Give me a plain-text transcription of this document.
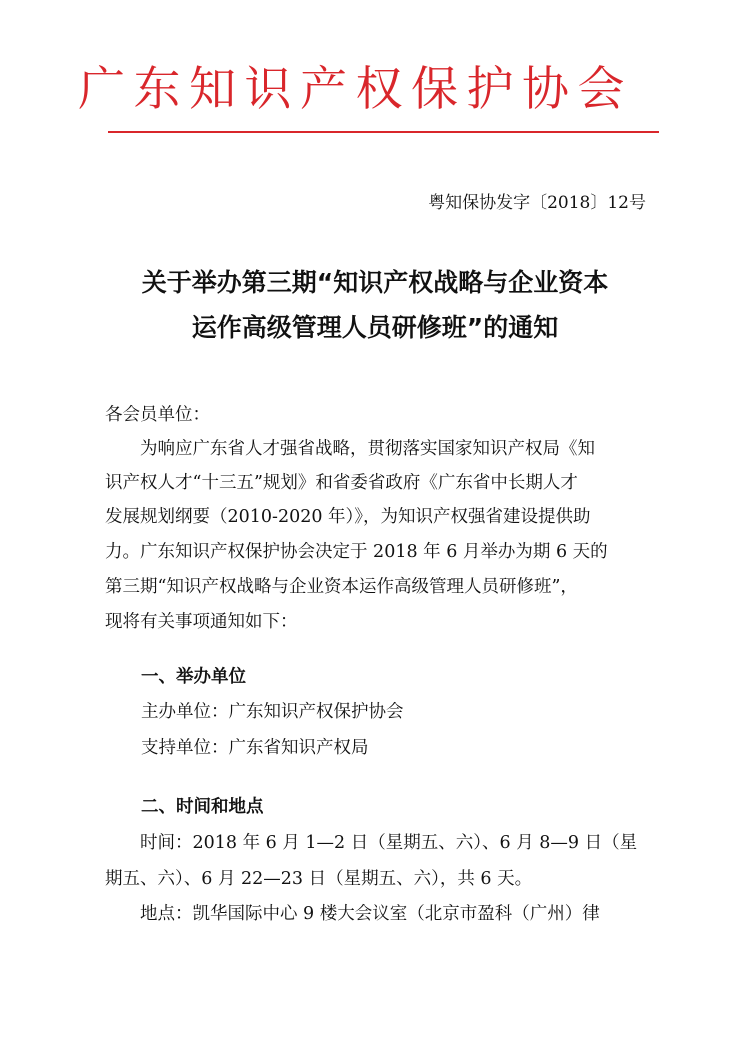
广东知识产权保护协会
粤知保协发字〔2018〕12号
关于举办第三期“知识产权战略与企业资本
运作高级管理人员研修班”的通知
各会员单位：
　　为响应广东省人才强省战略，贯彻落实国家知识产权局《知
识产权人才“十三五”规划》和省委省政府《广东省中长期人才
发展规划纲要（2010-2020 年）》，为知识产权强省建设提供助
力。广东知识产权保护协会决定于 2018 年 6 月举办为期 6 天的
第三期“知识产权战略与企业资本运作高级管理人员研修班”，
现将有关事项通知如下：
一、举办单位
主办单位：广东知识产权保护协会
支持单位：广东省知识产权局
二、时间和地点
　　时间：2018 年 6 月 1—2 日（星期五、六）、6 月 8—9 日（星
期五、六）、6 月 22—23 日（星期五、六），共 6 天。
　　地点：凯华国际中心 9 楼大会议室（北京市盈科（广州）律
